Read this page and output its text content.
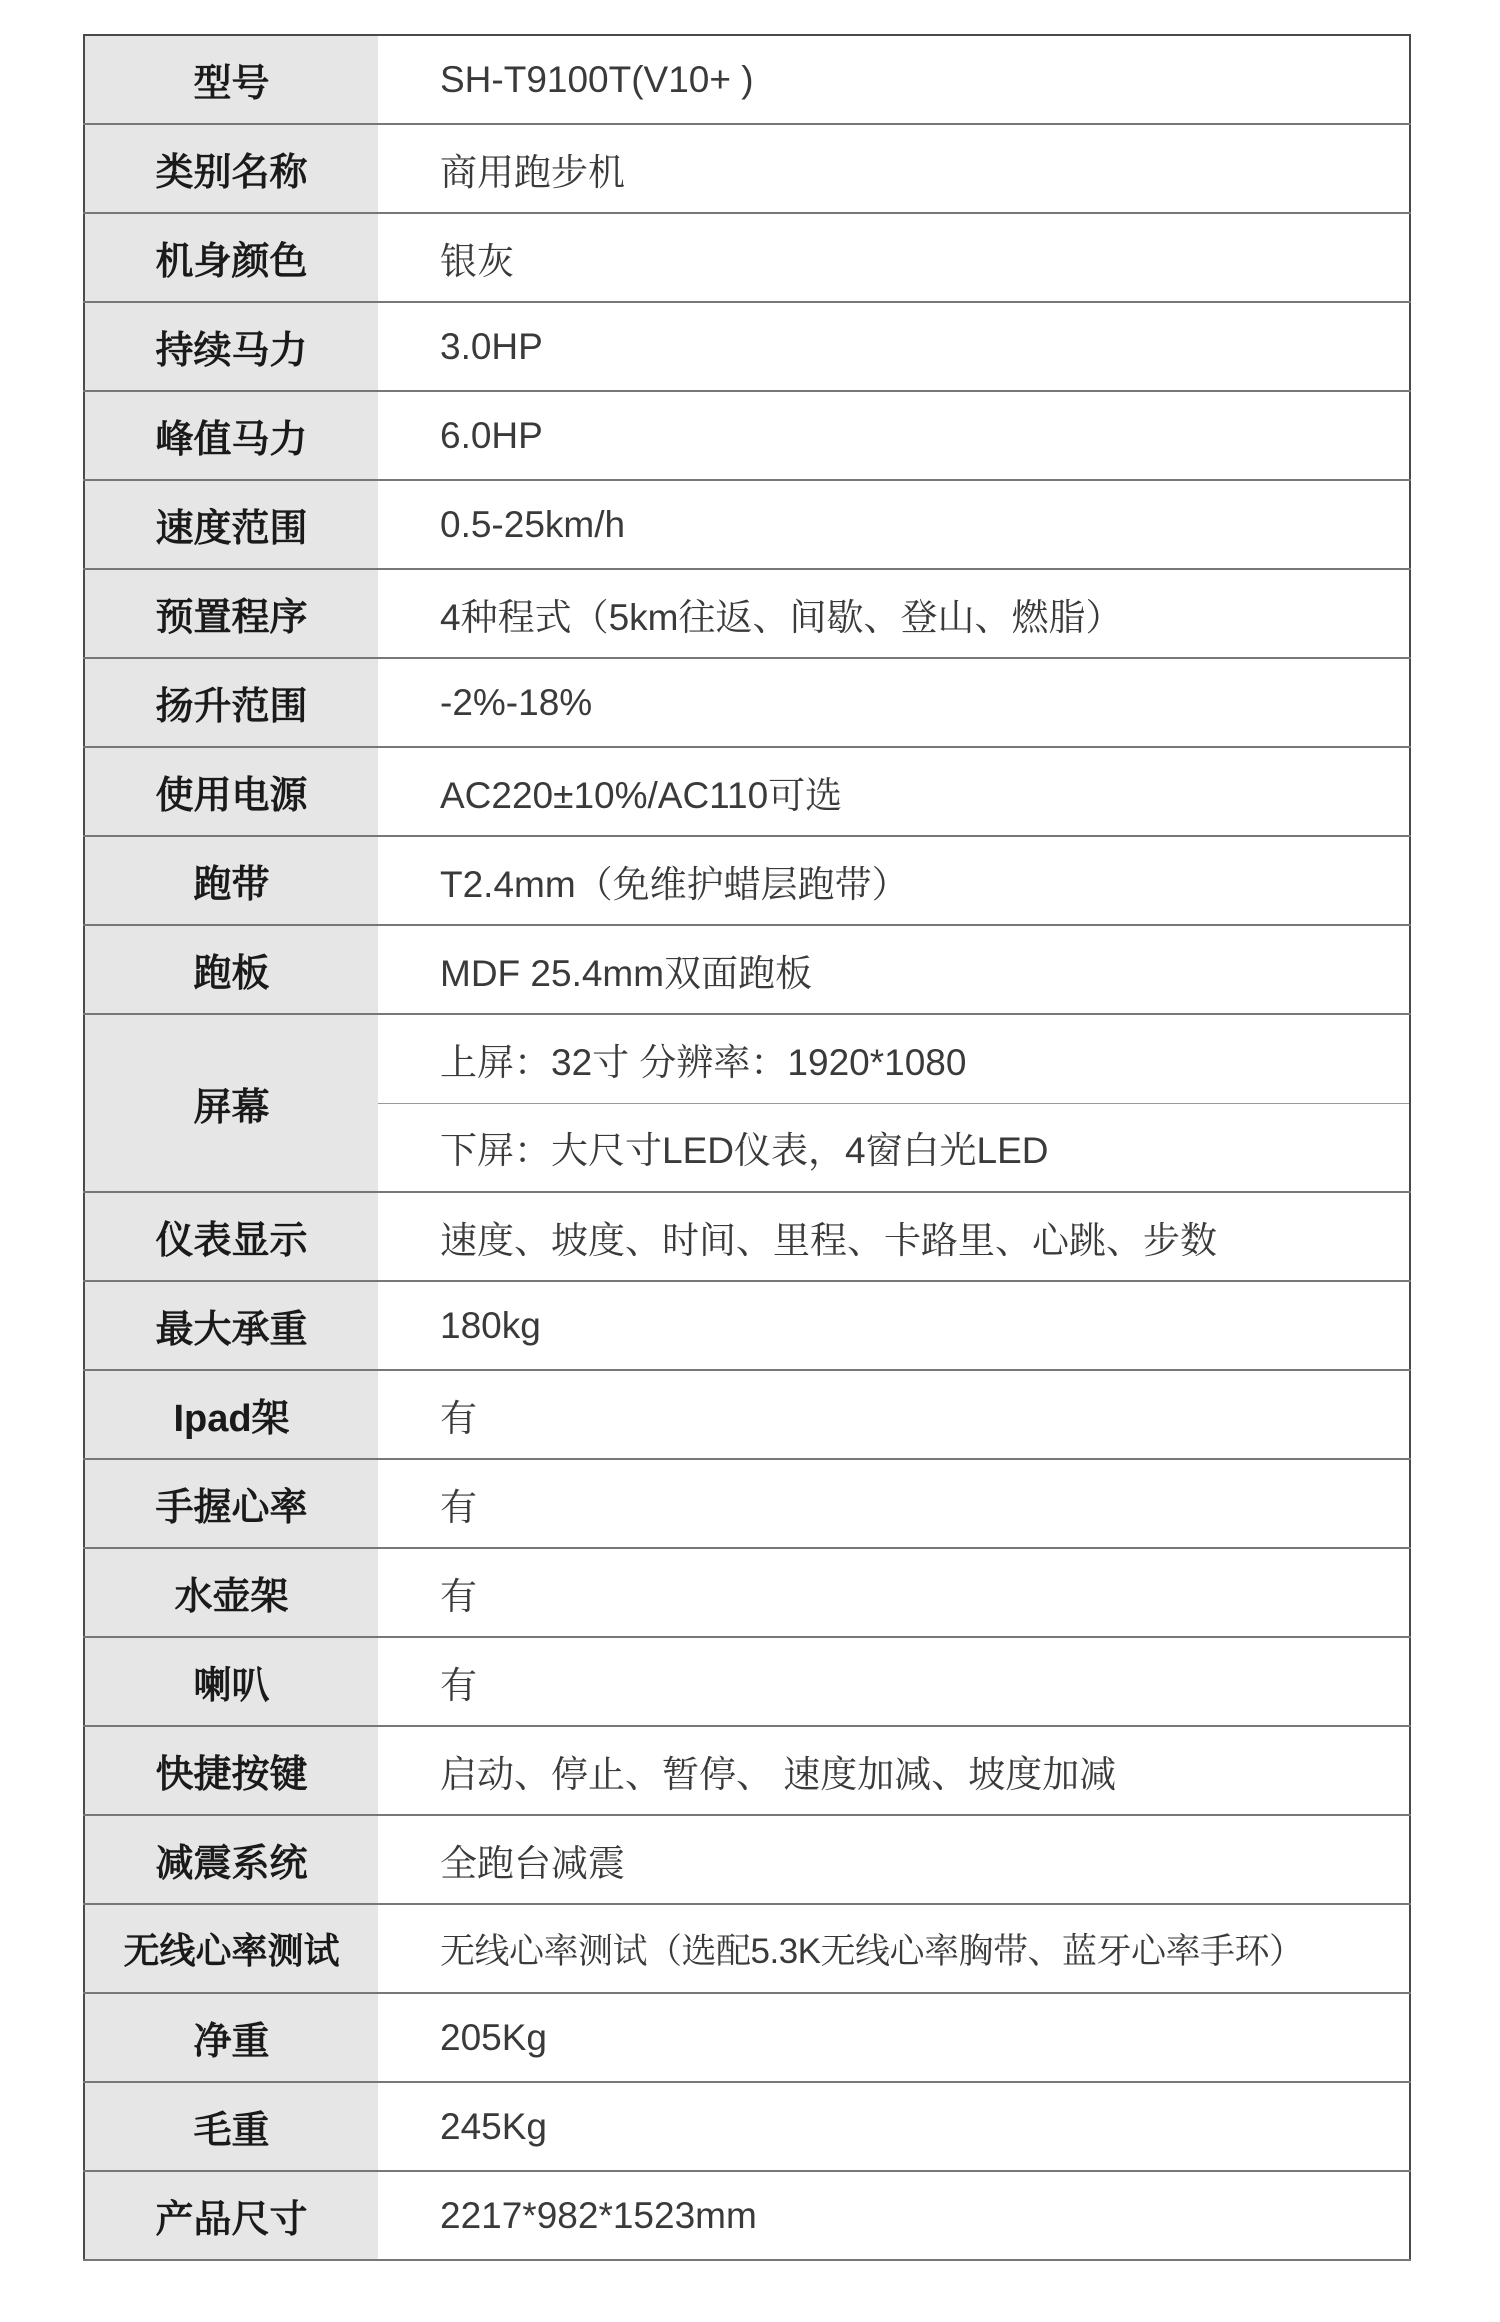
型号	SH-T9100T(V10+ )
类别名称	商用跑步机
机身颜色	银灰
持续马力	3.0HP
峰值马力	6.0HP
速度范围	0.5-25km/h
预置程序	4种程式（5km往返、间歇、登山、燃脂）
扬升范围	-2%-18%
使用电源	AC220±10%/AC110可选
跑带	T2.4mm（免维护蜡层跑带）
跑板	MDF 25.4mm双面跑板
屏幕	上屏：32寸 分辨率：1920*1080
	下屏：大尺寸LED仪表，4窗白光LED
仪表显示	速度、坡度、时间、里程、卡路里、心跳、步数
最大承重	180kg
Ipad架	有
手握心率	有
水壶架	有
喇叭	有
快捷按键	启动、停止、暂停、 速度加减、坡度加减
减震系统	全跑台减震
无线心率测试	无线心率测试（选配5.3K无线心率胸带、蓝牙心率手环）
净重	205Kg
毛重	245Kg
产品尺寸	2217*982*1523mm
